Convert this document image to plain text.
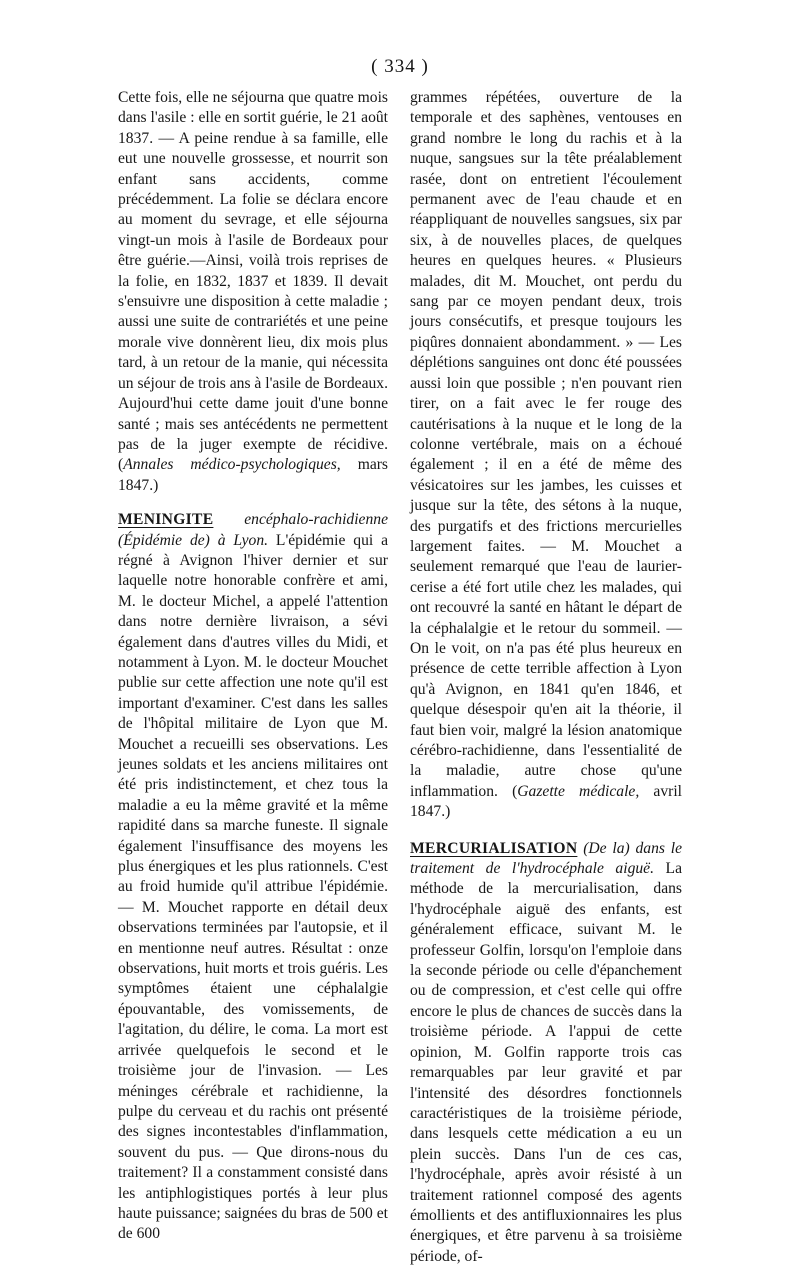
( 334 )

Cette fois, elle ne séjourna que quatre mois dans l'asile : elle en sortit guérie, le 21 août 1837. — A peine rendue à sa famille, elle eut une nouvelle grossesse, et nourrit son enfant sans accidents, comme précédemment. La folie se déclara encore au moment du sevrage, et elle séjourna vingt-un mois à l'asile de Bordeaux pour être guérie.—Ainsi, voilà trois reprises de la folie, en 1832, 1837 et 1839. Il devait s'ensuivre une disposition à cette maladie ; aussi une suite de contrariétés et une peine morale vive donnèrent lieu, dix mois plus tard, à un retour de la manie, qui nécessita un séjour de trois ans à l'asile de Bordeaux. Aujourd'hui cette dame jouit d'une bonne santé ; mais ses antécédents ne permettent pas de la juger exempte de récidive. (Annales médico-psychologiques, mars 1847.)

MENINGITE encéphalo-rachidienne (Épidémie de) à Lyon. L'épidémie qui a régné à Avignon l'hiver dernier et sur laquelle notre honorable confrère et ami, M. le docteur Michel, a appelé l'attention dans notre dernière livraison, a sévi également dans d'autres villes du Midi, et notamment à Lyon. M. le docteur Mouchet publie sur cette affection une note qu'il est important d'examiner. C'est dans les salles de l'hôpital militaire de Lyon que M. Mouchet a recueilli ses observations. Les jeunes soldats et les anciens militaires ont été pris indistinctement, et chez tous la maladie a eu la même gravité et la même rapidité dans sa marche funeste. Il signale également l'insuffisance des moyens les plus énergiques et les plus rationnels. C'est au froid humide qu'il attribue l'épidémie. — M. Mouchet rapporte en détail deux observations terminées par l'autopsie, et il en mentionne neuf autres. Résultat : onze observations, huit morts et trois guéris. Les symptômes étaient une céphalalgie épouvantable, des vomissements, de l'agitation, du délire, le coma. La mort est arrivée quelquefois le second et le troisième jour de l'invasion. — Les méninges cérébrale et rachidienne, la pulpe du cerveau et du rachis ont présenté des signes incontestables d'inflammation, souvent du pus. — Que dirons-nous du traitement? Il a constamment consisté dans les antiphlogistiques portés à leur plus haute puissance; saignées du bras de 500 et de 600

grammes répétées, ouverture de la temporale et des saphènes, ventouses en grand nombre le long du rachis et à la nuque, sangsues sur la tête préalablement rasée, dont on entretient l'écoulement permanent avec de l'eau chaude et en réappliquant de nouvelles sangsues, six par six, à de nouvelles places, de quelques heures en quelques heures. « Plusieurs malades, dit M. Mouchet, ont perdu du sang par ce moyen pendant deux, trois jours consécutifs, et presque toujours les piqûres donnaient abondamment. » — Les déplétions sanguines ont donc été poussées aussi loin que possible ; n'en pouvant rien tirer, on a fait avec le fer rouge des cautérisations à la nuque et le long de la colonne vertébrale, mais on a échoué également ; il en a été de même des vésicatoires sur les jambes, les cuisses et jusque sur la tête, des sétons à la nuque, des purgatifs et des frictions mercurielles largement faites. — M. Mouchet a seulement remarqué que l'eau de laurier-cerise a été fort utile chez les malades, qui ont recouvré la santé en hâtant le départ de la céphalalgie et le retour du sommeil. —On le voit, on n'a pas été plus heureux en présence de cette terrible affection à Lyon qu'à Avignon, en 1841 qu'en 1846, et quelque désespoir qu'en ait la théorie, il faut bien voir, malgré la lésion anatomique cérébro-rachidienne, dans l'essentialité de la maladie, autre chose qu'une inflammation. (Gazette médicale, avril 1847.)

MERCURIALISATION (De la) dans le traitement de l'hydrocéphale aiguë. La méthode de la mercurialisation, dans l'hydrocéphale aiguë des enfants, est généralement efficace, suivant M. le professeur Golfin, lorsqu'on l'emploie dans la seconde période ou celle d'épanchement ou de compression, et c'est celle qui offre encore le plus de chances de succès dans la troisième période. A l'appui de cette opinion, M. Golfin rapporte trois cas remarquables par leur gravité et par l'intensité des désordres fonctionnels caractéristiques de la troisième période, dans lesquels cette médication a eu un plein succès. Dans l'un de ces cas, l'hydrocéphale, après avoir résisté à un traitement rationnel composé des agents émollients et des antifluxionnaires les plus énergiques, et être parvenu à sa troisième période, of-
